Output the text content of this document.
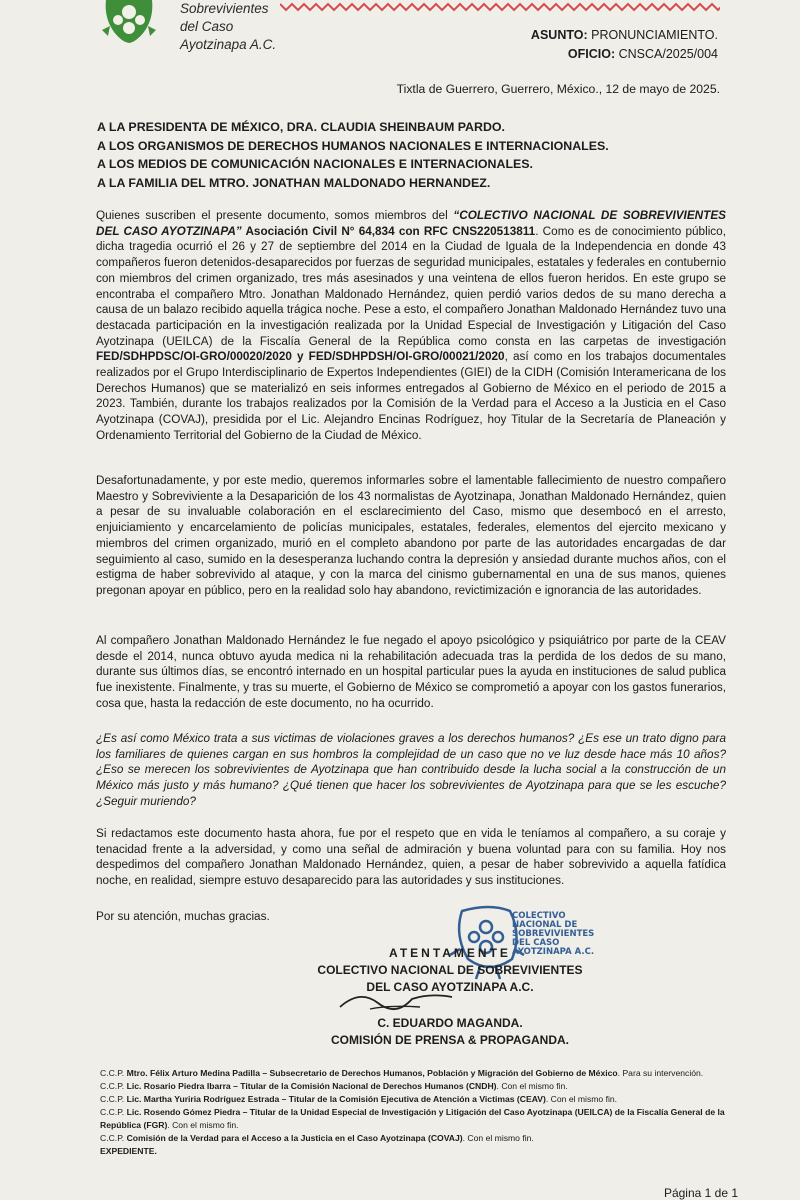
Sobrevivientes
del Caso
Ayotzinapa A.C.
ASUNTO: PRONUNCIAMIENTO.
OFICIO: CNSCA/2025/004
Tixtla de Guerrero, Guerrero, México., 12 de mayo de 2025.
A LA PRESIDENTA DE MÉXICO, DRA. CLAUDIA SHEINBAUM PARDO.
A LOS ORGANISMOS DE DERECHOS HUMANOS NACIONALES E INTERNACIONALES.
A LOS MEDIOS DE COMUNICACIÓN NACIONALES E INTERNACIONALES.
A LA FAMILIA DEL MTRO. JONATHAN MALDONADO HERNANDEZ.
Quienes suscriben el presente documento, somos miembros del “COLECTIVO NACIONAL DE SOBREVIVIENTES DEL CASO AYOTZINAPA” Asociación Civil N° 64,834 con RFC CNS220513811. Como es de conocimiento público, dicha tragedia ocurrió el 26 y 27 de septiembre del 2014 en la Ciudad de Iguala de la Independencia en donde 43 compañeros fueron detenidos-desaparecidos por fuerzas de seguridad municipales, estatales y federales en contubernio con miembros del crimen organizado, tres más asesinados y una veintena de ellos fueron heridos. En este grupo se encontraba el compañero Mtro. Jonathan Maldonado Hernández, quien perdió varios dedos de su mano derecha a causa de un balazo recibido aquella trágica noche. Pese a esto, el compañero Jonathan Maldonado Hernández tuvo una destacada participación en la investigación realizada por la Unidad Especial de Investigación y Litigación del Caso Ayotzinapa (UEILCA) de la Fiscalía General de la República como consta en las carpetas de investigación FED/SDHPDSC/OI-GRO/00020/2020 y FED/SDHPDSH/OI-GRO/00021/2020, así como en los trabajos documentales realizados por el Grupo Interdisciplinario de Expertos Independientes (GIEI) de la CIDH (Comisión Interamericana de los Derechos Humanos) que se materializó en seis informes entregados al Gobierno de México en el periodo de 2015 a 2023. También, durante los trabajos realizados por la Comisión de la Verdad para el Acceso a la Justicia en el Caso Ayotzinapa (COVAJ), presidida por el Lic. Alejandro Encinas Rodríguez, hoy Titular de la Secretaría de Planeación y Ordenamiento Territorial del Gobierno de la Ciudad de México.
Desafortunadamente, y por este medio, queremos informarles sobre el lamentable fallecimiento de nuestro compañero Maestro y Sobreviviente a la Desaparición de los 43 normalistas de Ayotzinapa, Jonathan Maldonado Hernández, quien a pesar de su invaluable colaboración en el esclarecimiento del Caso, mismo que desembocó en el arresto, enjuiciamiento y encarcelamiento de policías municipales, estatales, federales, elementos del ejercito mexicano y miembros del crimen organizado, murió en el completo abandono por parte de las autoridades encargadas de dar seguimiento al caso, sumido en la desesperanza luchando contra la depresión y ansiedad durante muchos años, con el estigma de haber sobrevivido al ataque, y con la marca del cinismo gubernamental en una de sus manos, quienes pregonan apoyar en público, pero en la realidad solo hay abandono, revictimización e ignorancia de las autoridades.
Al compañero Jonathan Maldonado Hernández le fue negado el apoyo psicológico y psiquiátrico por parte de la CEAV desde el 2014, nunca obtuvo ayuda medica ni la rehabilitación adecuada tras la perdida de los dedos de su mano, durante sus últimos días, se encontró internado en un hospital particular pues la ayuda en instituciones de salud publica fue inexistente. Finalmente, y tras su muerte, el Gobierno de México se comprometió a apoyar con los gastos funerarios, cosa que, hasta la redacción de este documento, no ha ocurrido.
¿Es así como México trata a sus victimas de violaciones graves a los derechos humanos? ¿Es ese un trato digno para los familiares de quienes cargan en sus hombros la complejidad de un caso que no ve luz desde hace más 10 años? ¿Eso se merecen los sobrevivientes de Ayotzinapa que han contribuido desde la lucha social a la construcción de un México más justo y más humano? ¿Qué tienen que hacer los sobrevivientes de Ayotzinapa para que se les escuche? ¿Seguir muriendo?
Si redactamos este documento hasta ahora, fue por el respeto que en vida le teníamos al compañero, a su coraje y tenacidad frente a la adversidad, y como una señal de admiración y buena voluntad para con su familia. Hoy nos despedimos del compañero Jonathan Maldonado Hernández, quien, a pesar de haber sobrevivido a aquella fatídica noche, en realidad, siempre estuvo desaparecido para las autoridades y sus instituciones.
Por su atención, muchas gracias.	COLECTIVO
NACIONAL DE
SOBREVIVIENTES
DEL CASO
AYOTZINAPA A.C.
ATENTAMENTE
COLECTIVO NACIONAL DE SOBREVIVIENTES
DEL CASO AYOTZINAPA A.C.
C. EDUARDO MAGANDA.
COMISIÓN DE PRENSA & PROPAGANDA.
C.C.P. Mtro. Félix Arturo Medina Padilla – Subsecretario de Derechos Humanos, Población y Migración del Gobierno de México. Para su intervención.
C.C.P. Lic. Rosario Piedra Ibarra – Titular de la Comisión Nacional de Derechos Humanos (CNDH). Con el mismo fin.
C.C.P. Lic. Martha Yuriria Rodríguez Estrada – Titular de la Comisión Ejecutiva de Atención a Victimas (CEAV). Con el mismo fin.
C.C.P. Lic. Rosendo Gómez Piedra – Titular de la Unidad Especial de Investigación y Litigación del Caso Ayotzinapa (UEILCA) de la Fiscalía General de la República (FGR). Con el mismo fin.
C.C.P. Comisión de la Verdad para el Acceso a la Justicia en el Caso Ayotzinapa (COVAJ). Con el mismo fin.
EXPEDIENTE.
Página 1 de 1
